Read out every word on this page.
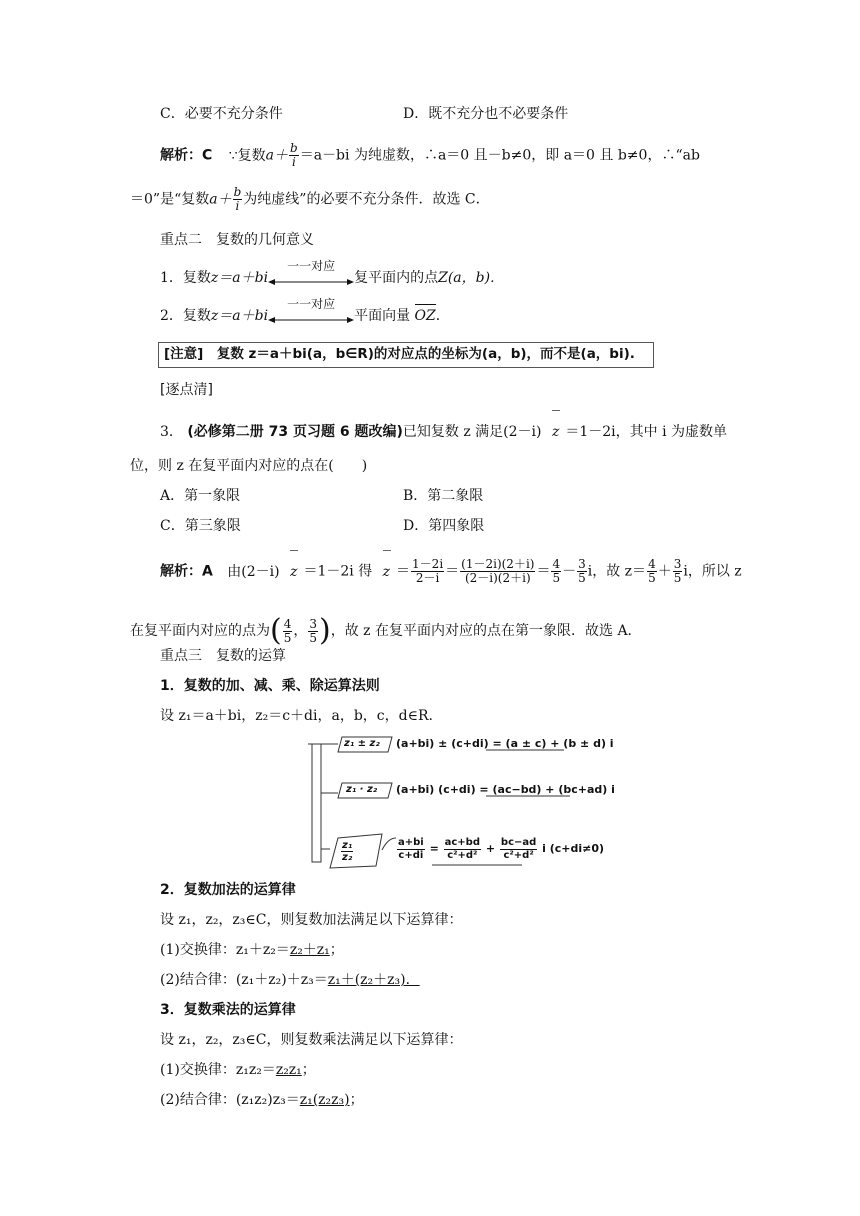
C．必要不充分条件	D．既不充分也不必要条件
解析：C ∵复数$a+ \frac{b}{i} =a-bi$ 为纯虚数，∴a＝0 且－b≠0，即 a＝0 且 b≠0，∴“ab
＝0”是“复数$a+ \frac{b}{i}$ 为纯虚线”的必要不充分条件．故选 C．
重点二　复数的几何意义
1．复数z＝a＋bi
一一对应
复平面内的点Z(a，b)．
2．复数z＝a＋bi
一一对应
平面向量 OZ．
[注意]　复数 z＝a＋bi(a，b∈R)的对应点的坐标为(a，b)，而不是(a，bi).
[逐点清]
3． (必修第二册 73 页习题 6 题改编)已知复数 z 满足(2－i) z ＝1－2i，其中 i 为虚数单
位，则 z 在复平面内对应的点在(　　)
A．第一象限	B．第二象限
C．第三象限	D．第四象限
解析：A 由(2－i) z ＝1－2i 得 $z = \frac{1-2i}{2-i} = \frac{(1-2i)(2+i)}{(2-i)(2+i)} = \frac{4}{5} - \frac{3}{5}$ i，故 $z= \frac{4}{5} + \frac{3}{5}$ i，所以 z
在复平面内对应的点为( $\frac{4}{5}$ ， $\frac{3}{5}$ )，故 z 在复平面内对应的点在第一象限．故选 A．
重点三　复数的运算
1．复数的加、减、乘、除运算法则
设 z₁＝a＋bi，z₂＝c＋di，a，b，c，d∈R.
z₁ ± z₂ (a+bi) ± (c+di) = (a ± c) + (b ± d) i
z₁ · z₂ (a+bi) (c+di) = (ac−bd) + (bc+ad) i
$\frac{\text{z₁}}{\text{z₂}}$	$\frac{a+bi}{c+di} = \frac{ac+bd}{\text{c²+d²}} + \frac{bc-ad}{\text{c²+d²}}$ i (c+di≠0)
2．复数加法的运算律
设 z₁，z₂，z₃∈C，则复数加法满足以下运算律：
(1)交换律：z₁＋z₂＝z₂＋z₁；
(2)结合律：(z₁＋z₂)＋z₃＝z₁＋(z₂＋z₃)．
3．复数乘法的运算律
设 z₁，z₂，z₃∈C，则复数乘法满足以下运算律：
(1)交换律：z₁z₂＝z₂z₁；
(2)结合律：(z₁z₂)z₃＝z₁(z₂z₃)；
